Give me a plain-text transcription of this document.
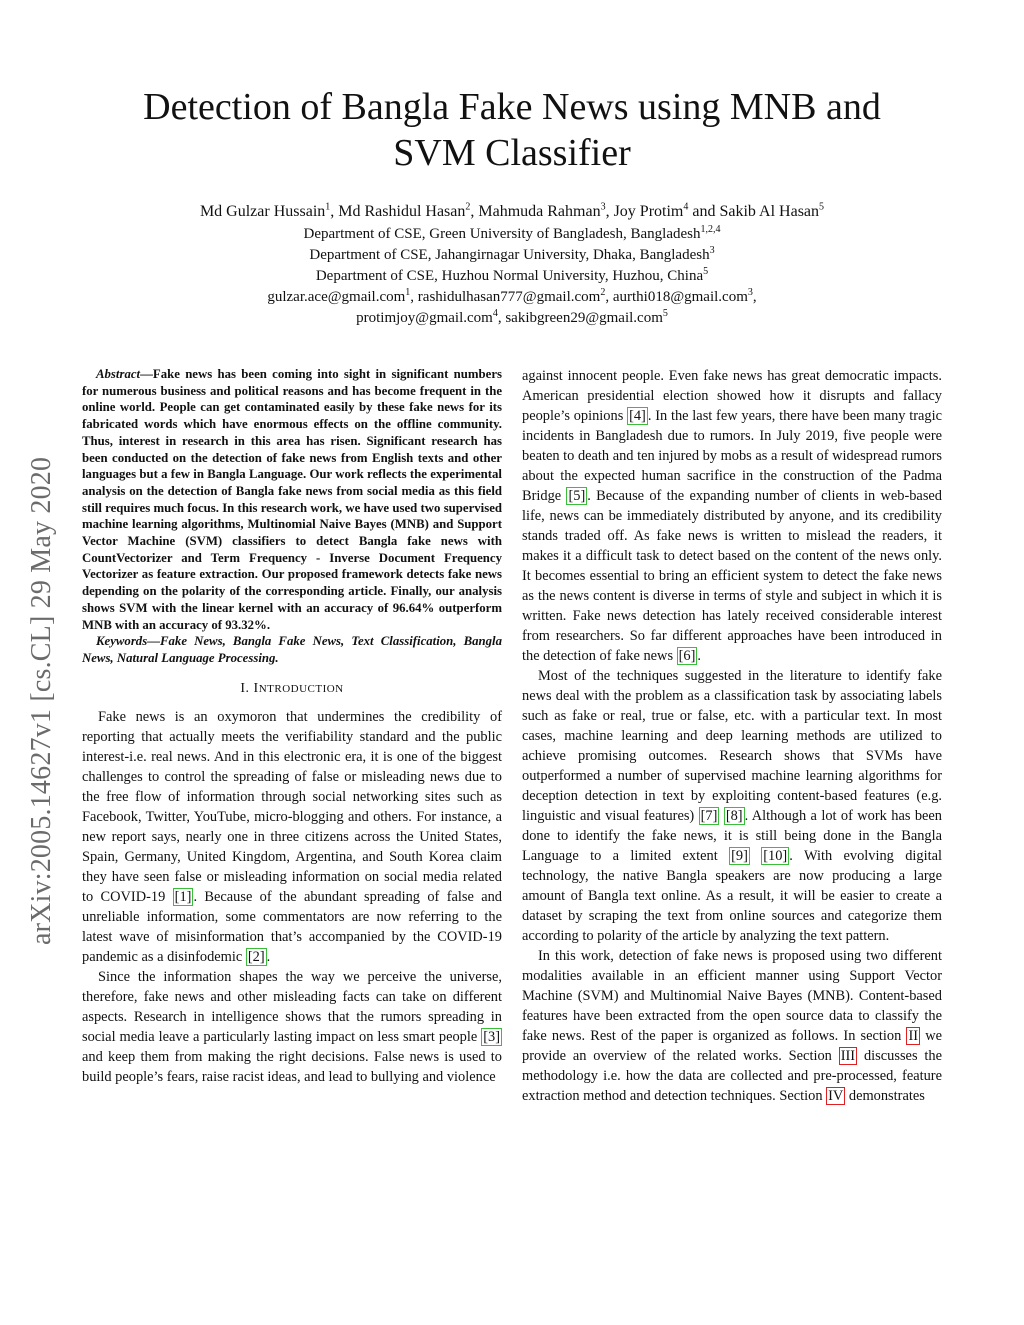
Detection of Bangla Fake News using MNB and
SVM Classifier
Md Gulzar Hussain$^1$, Md Rashidul Hasan$^2$, Mahmuda Rahman$^3$, Joy Protim$^4$ and Sakib Al Hasan$^5$
Department of CSE, Green University of Bangladesh, Bangladesh$^{1,2,4}$
Department of CSE, Jahangirnagar University, Dhaka, Bangladesh$^3$
Department of CSE, Huzhou Normal University, Huzhou, China$^5$
gulzar.ace@gmail.com$^1$, rashidulhasan777@gmail.com$^2$, aurthi018@gmail.com$^3$,
protimjoy@gmail.com$^4$, sakibgreen29@gmail.com$^5$
arXiv:2005.14627v1 [cs.CL] 29 May 2020

Abstract—Fake news has been coming into sight in significant numbers for numerous business and political reasons and has become frequent in the online world. People can get contaminated easily by these fake news for its fabricated words which have enormous effects on the offline community. Thus, interest in research in this area has risen. Significant research has been conducted on the detection of fake news from English texts and other languages but a few in Bangla Language. Our work reflects the experimental analysis on the detection of Bangla fake news from social media as this field still requires much focus. In this research work, we have used two supervised machine learning algorithms, Multinomial Naive Bayes (MNB) and Support Vector Machine (SVM) classifiers to detect Bangla fake news with CountVectorizer and Term Frequency - Inverse Document Frequency Vectorizer as feature extraction. Our proposed framework detects fake news depending on the polarity of the corresponding article. Finally, our analysis shows SVM with the linear kernel with an accuracy of 96.64% outperform MNB with an accuracy of 93.32%.

Keywords—Fake News, Bangla Fake News, Text Classification, Bangla News, Natural Language Processing.

I. INTRODUCTION

Fake news is an oxymoron that undermines the credibility of reporting that actually meets the verifiability standard and the public interest-i.e. real news. And in this electronic era, it is one of the biggest challenges to control the spreading of false or misleading news due to the free flow of information through social networking sites such as Facebook, Twitter, YouTube, micro-blogging and others. For instance, a new report says, nearly one in three citizens across the United States, Spain, Germany, United Kingdom, Argentina, and South Korea claim they have seen false or misleading information on social media related to COVID-19 [1] . Because of the abundant spreading of false and unreliable information, some commentators are now referring to the latest wave of misinformation that’s accompanied by the COVID-19 pandemic as a disinfodemic [2] .

Since the information shapes the way we perceive the universe, therefore, fake news and other misleading facts can take on different aspects. Research in intelligence shows that the rumors spreading in social media leave a particularly lasting impact on less smart people [3] and keep them from making the right decisions. False news is used to build people’s fears, raise racist ideas, and lead to bullying and violence

against innocent people. Even fake news has great democratic impacts. American presidential election showed how it disrupts and fallacy people’s opinions [4] . In the last few years, there have been many tragic incidents in Bangladesh due to rumors. In July 2019, five people were beaten to death and ten injured by mobs as a result of widespread rumors about the expected human sacrifice in the construction of the Padma Bridge [5] . Because of the expanding number of clients in web-based life, news can be immediately distributed by anyone, and its credibility stands traded off. As fake news is written to mislead the readers, it makes it a difficult task to detect based on the content of the news only. It becomes essential to bring an efficient system to detect the fake news as the news content is diverse in terms of style and subject in which it is written. Fake news detection has lately received considerable interest from researchers. So far different approaches have been introduced in the detection of fake news [6] .

Most of the techniques suggested in the literature to identify fake news deal with the problem as a classification task by associating labels such as fake or real, true or false, etc. with a particular text. In most cases, machine learning and deep learning methods are utilized to achieve promising outcomes. Research shows that SVMs have outperformed a number of supervised machine learning algorithms for deception detection in text by exploiting content-based features (e.g. linguistic and visual features) [7] [8] . Although a lot of work has been done to identify the fake news, it is still being done in the Bangla Language to a limited extent [9] [10] . With evolving digital technology, the native Bangla speakers are now producing a large amount of Bangla text online. As a result, it will be easier to create a dataset by scraping the text from online sources and categorize them according to polarity of the article by analyzing the text pattern.

In this work, detection of fake news is proposed using two different modalities available in an efficient manner using Support Vector Machine (SVM) and Multinomial Naive Bayes (MNB). Content-based features have been extracted from the open source data to classify the fake news. Rest of the paper is organized as follows. In section II we provide an overview of the related works. Section III discusses the methodology i.e. how the data are collected and pre-processed, feature extraction method and detection techniques. Section IV demonstrates
